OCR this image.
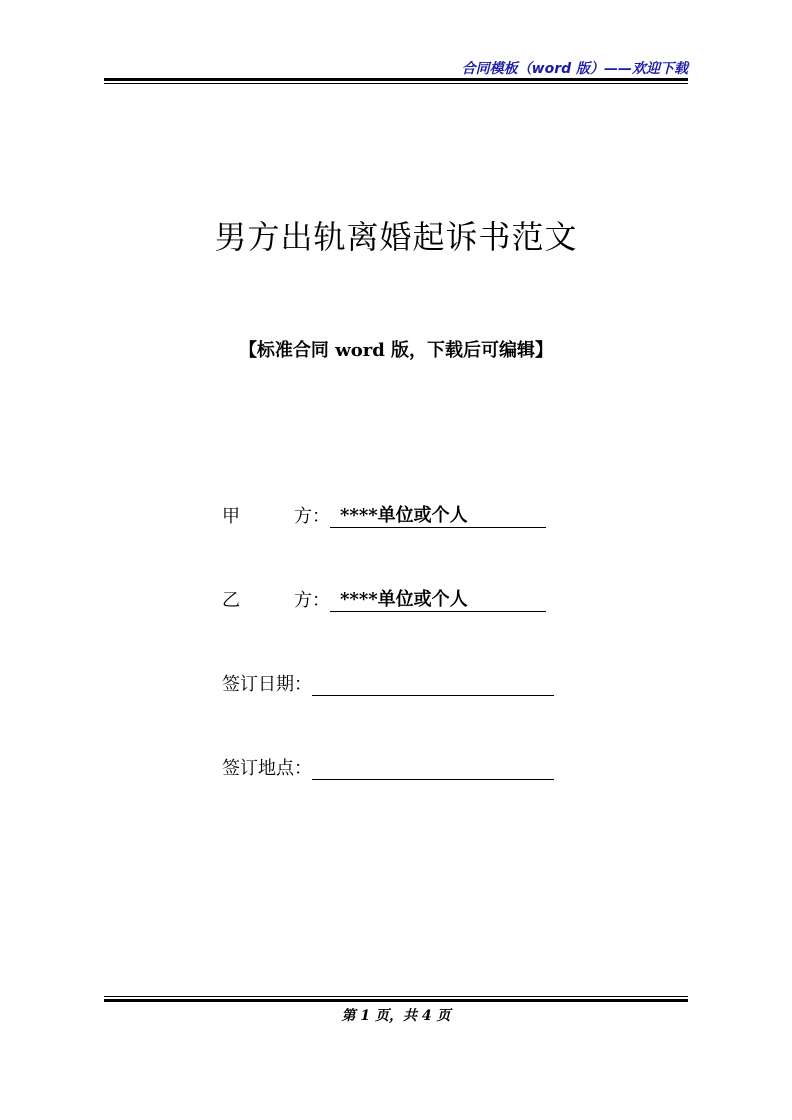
合同模板（word 版）——欢迎下载
男方出轨离婚起诉书范文
【标准合同 word 版，下载后可编辑】
甲	方： ****单位或个人
乙	方： ****单位或个人
签订日期：
签订地点：
第 1 页，共 4 页
